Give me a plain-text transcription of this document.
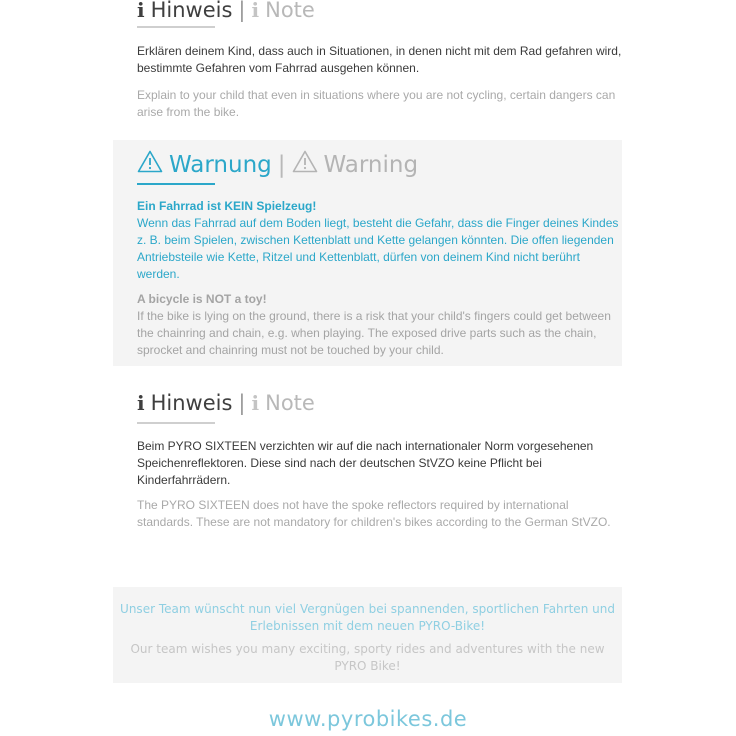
i Hinweis | i Note

Erklären deinem Kind, dass auch in Situationen, in denen nicht mit dem Rad gefahren wird, bestimmte Gefahren vom Fahrrad ausgehen können.

Explain to your child that even in situations where you are not cycling, certain dangers can arise from the bike.

Warnung | Warning
Ein Fahrrad ist KEIN Spielzeug!
Wenn das Fahrrad auf dem Boden liegt, besteht die Gefahr, dass die Finger deines Kindes z. B. beim Spielen, zwischen Kettenblatt und Kette gelangen könnten. Die offen liegenden Antriebsteile wie Kette, Ritzel und Kettenblatt, dürfen von deinem Kind nicht berührt werden.
A bicycle is NOT a toy!
If the bike is lying on the ground, there is a risk that your child's fingers could get between the chainring and chain, e.g. when playing. The exposed drive parts such as the chain, sprocket and chainring must not be touched by your child.
i Hinweis | i Note

Beim PYRO SIXTEEN verzichten wir auf die nach internationaler Norm vorgesehenen Speichenreflektoren. Diese sind nach der deutschen StVZO keine Pflicht bei Kinderfahrrädern.

The PYRO SIXTEEN does not have the spoke reflectors required by international standards. These are not mandatory for children's bikes according to the German StVZO.

Unser Team wünscht nun viel Vergnügen bei spannenden, sportlichen Fahrten und Erlebnissen mit dem neuen PYRO-Bike!
Our team wishes you many exciting, sporty rides and adventures with the new PYRO Bike!
www.pyrobikes.de
